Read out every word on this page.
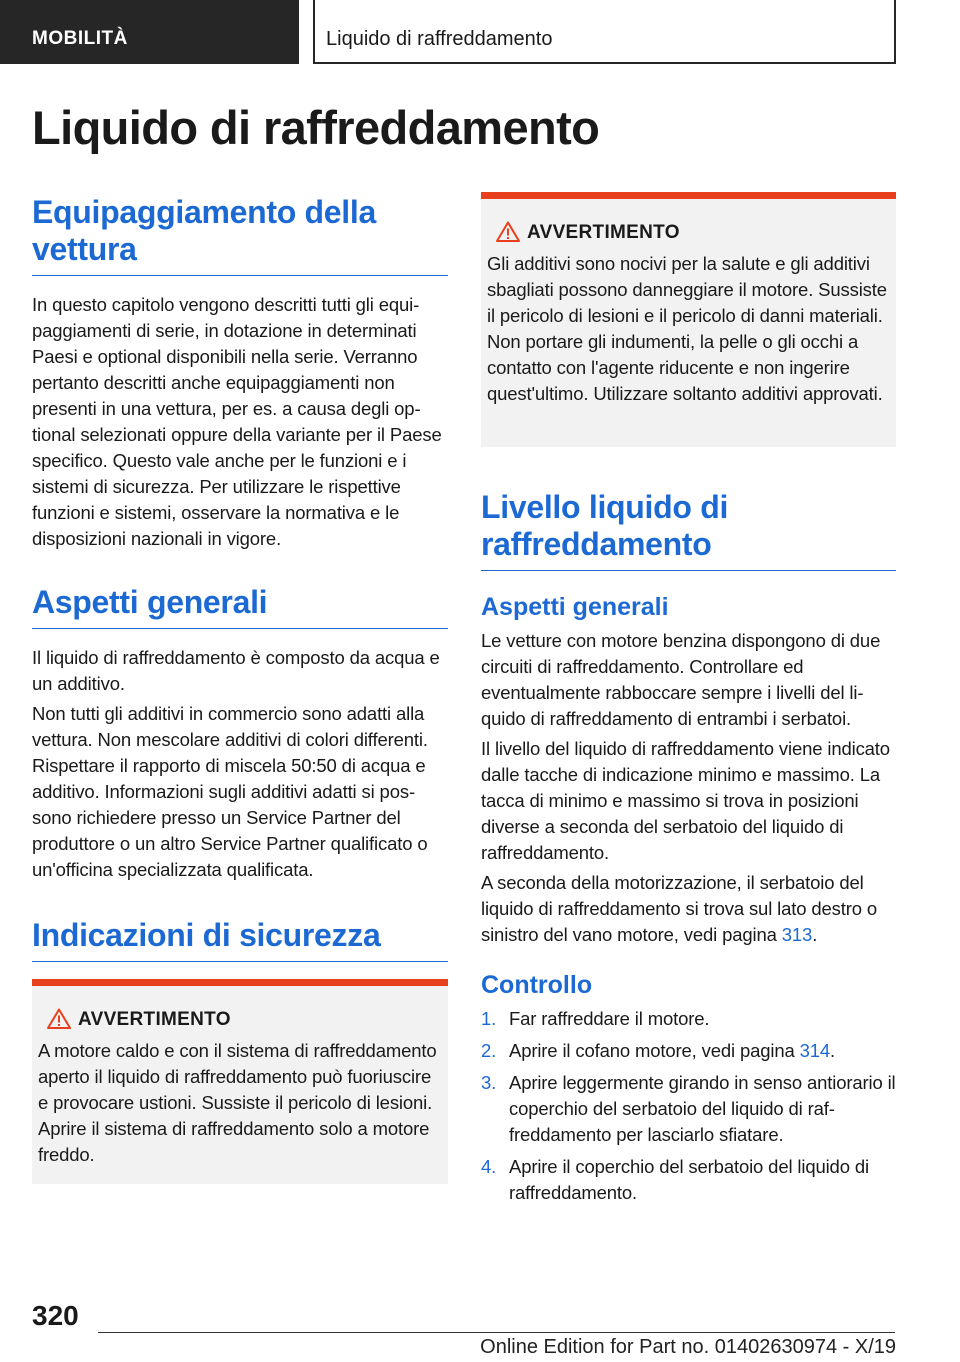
MOBILITÀ	Liquido di raffreddamento
Liquido di raffreddamento
Equipaggiamento della vettura

In questo capitolo vengono descritti tutti gli equipaggiamenti di serie, in dotazione in determinati Paesi e optional disponibili nella serie. Verranno pertanto descritti anche equipaggiamenti non presenti in una vettura, per es. a causa degli optional selezionati oppure della variante per il Paese specifico. Questo vale anche per le funzioni e i sistemi di sicurezza. Per utilizzare le rispettive funzioni e sistemi, osservare la normativa e le disposizioni nazionali in vigore.

Aspetti generali

Il liquido di raffreddamento è composto da acqua e un additivo.

Non tutti gli additivi in commercio sono adatti alla vettura. Non mescolare additivi di colori differenti. Rispettare il rapporto di miscela 50:50 di acqua e additivo. Informazioni sugli additivi adatti si possono richiedere presso un Service Partner del produttore o un altro Service Partner qualificato o un'officina specializzata qualificata.

Indicazioni di sicurezza
AVVERTIMENTO
A motore caldo e con il sistema di raffreddamento aperto il liquido di raffreddamento può fuoriuscire e provocare ustioni. Sussiste il pericolo di lesioni. Aprire il sistema di raffreddamento solo a motore freddo.
AVVERTIMENTO
Gli additivi sono nocivi per la salute e gli additivi sbagliati possono danneggiare il motore. Sussiste il pericolo di lesioni e il pericolo di danni materiali. Non portare gli indumenti, la pelle o gli occhi a contatto con l'agente riducente e non ingerire quest'ultimo. Utilizzare soltanto additivi approvati.
Livello liquido di raffreddamento
Aspetti generali

Le vetture con motore benzina dispongono di due circuiti di raffreddamento. Controllare ed eventualmente rabboccare sempre i livelli del liquido di raffreddamento di entrambi i serbatoi.

Il livello del liquido di raffreddamento viene indicato dalle tacche di indicazione minimo e massimo. La tacca di minimo e massimo si trova in posizioni diverse a seconda del serbatoio del liquido di raffreddamento.

A seconda della motorizzazione, il serbatoio del liquido di raffreddamento si trova sul lato destro o sinistro del vano motore, vedi pagina 313.

Controllo
1. Far raffreddare il motore.
2. Aprire il cofano motore, vedi pagina 314.
3. Aprire leggermente girando in senso antiorario il coperchio del serbatoio del liquido di raffreddamento per lasciarlo sfiatare.
4. Aprire il coperchio del serbatoio del liquido di raffreddamento.
320
Online Edition for Part no. 01402630974 - X/19
